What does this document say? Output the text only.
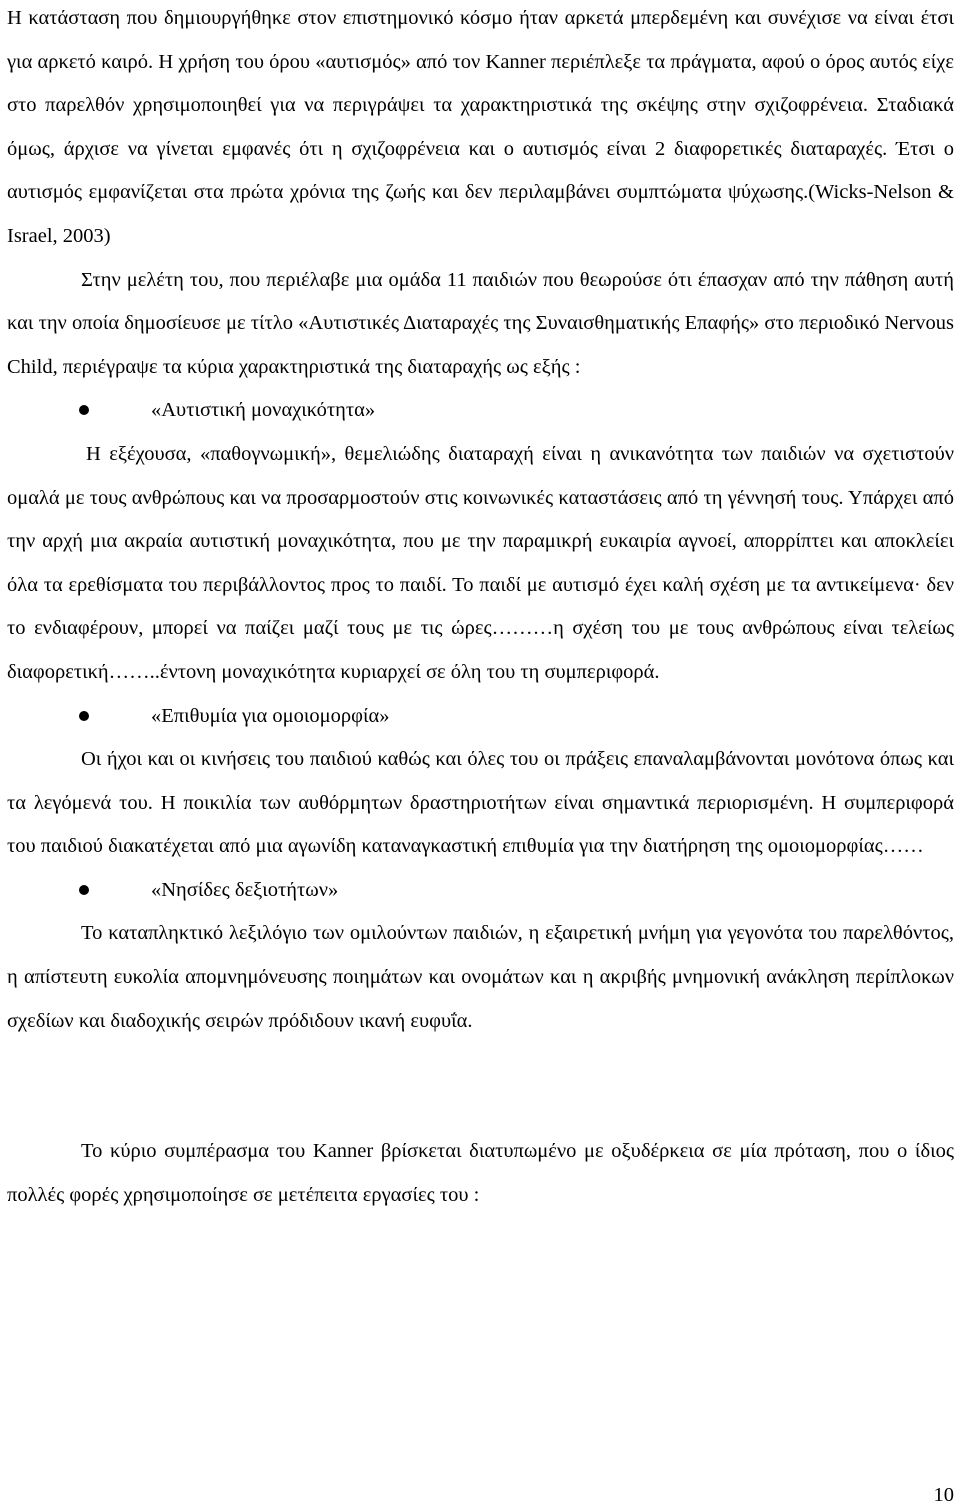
Η κατάσταση που δημιουργήθηκε στον επιστημονικό κόσμο ήταν αρκετά μπερδεμένη και συνέχισε να είναι έτσι για αρκετό καιρό. Η χρήση του όρου «αυτισμός» από τον Kanner περιέπλεξε τα πράγματα, αφού ο όρος αυτός είχε στο παρελθόν χρησιμοποιηθεί για να περιγράψει τα χαρακτηριστικά της σκέψης στην σχιζοφρένεια. Σταδιακά όμως, άρχισε να γίνεται εμφανές ότι η σχιζοφρένεια και ο αυτισμός είναι 2 διαφορετικές διαταραχές. Έτσι ο αυτισμός εμφανίζεται στα πρώτα χρόνια της ζωής και δεν περιλαμβάνει συμπτώματα ψύχωσης.(Wicks-Nelson & Israel, 2003)

Στην μελέτη του, που περιέλαβε μια ομάδα 11 παιδιών που θεωρούσε ότι έπασχαν από την πάθηση αυτή και την οποία δημοσίευσε με τίτλο «Αυτιστικές Διαταραχές της Συναισθηματικής Επαφής» στο περιοδικό Nervous Child, περιέγραψε τα κύρια χαρακτηριστικά της διαταραχής ως εξής :

«Αυτιστική μοναχικότητα»

Η εξέχουσα, «παθογνωμική», θεμελιώδης διαταραχή είναι η ανικανότητα των παιδιών να σχετιστούν ομαλά με τους ανθρώπους και να προσαρμοστούν στις κοινωνικές καταστάσεις από τη γέννησή τους. Υπάρχει από την αρχή μια ακραία αυτιστική μοναχικότητα, που με την παραμικρή ευκαιρία αγνοεί, απορρίπτει και αποκλείει όλα τα ερεθίσματα του περιβάλλοντος προς το παιδί. Το παιδί με αυτισμό έχει καλή σχέση με τα αντικείμενα· δεν το ενδιαφέρουν, μπορεί να παίζει μαζί τους με τις ώρες………η σχέση του με τους ανθρώπους είναι τελείως διαφορετική……..έντονη μοναχικότητα κυριαρχεί σε όλη του τη συμπεριφορά.

«Επιθυμία για ομοιομορφία»

Οι ήχοι και οι κινήσεις του παιδιού καθώς και όλες του οι πράξεις επαναλαμβάνονται μονότονα όπως και τα λεγόμενά του. Η ποικιλία των αυθόρμητων δραστηριοτήτων είναι σημαντικά περιορισμένη. Η συμπεριφορά του παιδιού διακατέχεται από μια αγωνίδη καταναγκαστική επιθυμία για την διατήρηση της ομοιομορφίας……

«Νησίδες δεξιοτήτων»

Το καταπληκτικό λεξιλόγιο των ομιλούντων παιδιών, η εξαιρετική μνήμη για γεγονότα του παρελθόντος, η απίστευτη ευκολία απομνημόνευσης ποιημάτων και ονομάτων και η ακριβής μνημονική ανάκληση περίπλοκων σχεδίων και διαδοχικής σειρών πρόδιδουν ικανή ευφυΐα.

Το κύριο συμπέρασμα του Kanner βρίσκεται διατυπωμένο με οξυδέρκεια σε μία πρόταση, που ο ίδιος πολλές φορές χρησιμοποίησε σε μετέπειτα εργασίες του :

10
